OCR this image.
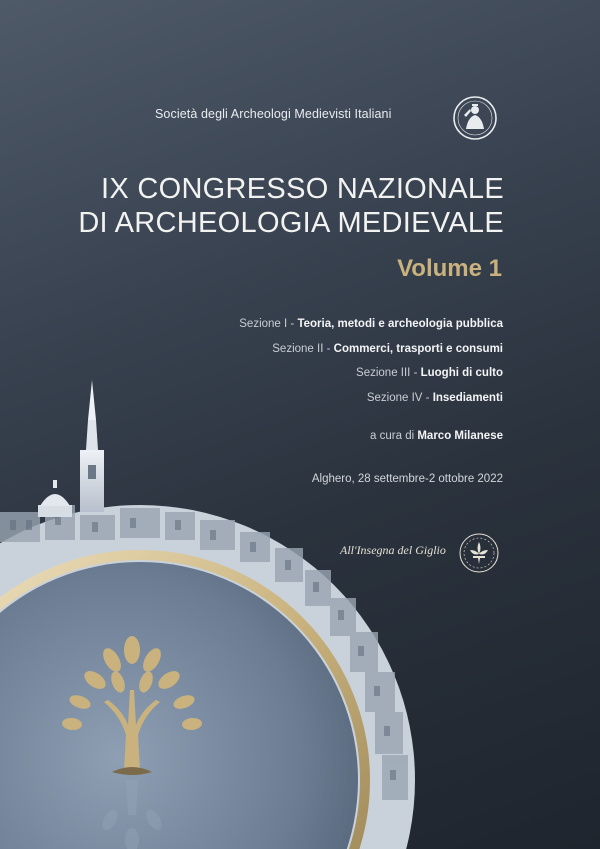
Società degli Archeologi Medievisti Italiani
IX CONGRESSO NAZIONALE
DI ARCHEOLOGIA MEDIEVALE
Volume 1
Sezione I - Teoria, metodi e archeologia pubblica
Sezione II - Commerci, trasporti e consumi
Sezione III - Luoghi di culto
Sezione IV - Insediamenti
a cura di Marco Milanese
Alghero, 28 settembre-2 ottobre 2022
All'Insegna del Giglio
